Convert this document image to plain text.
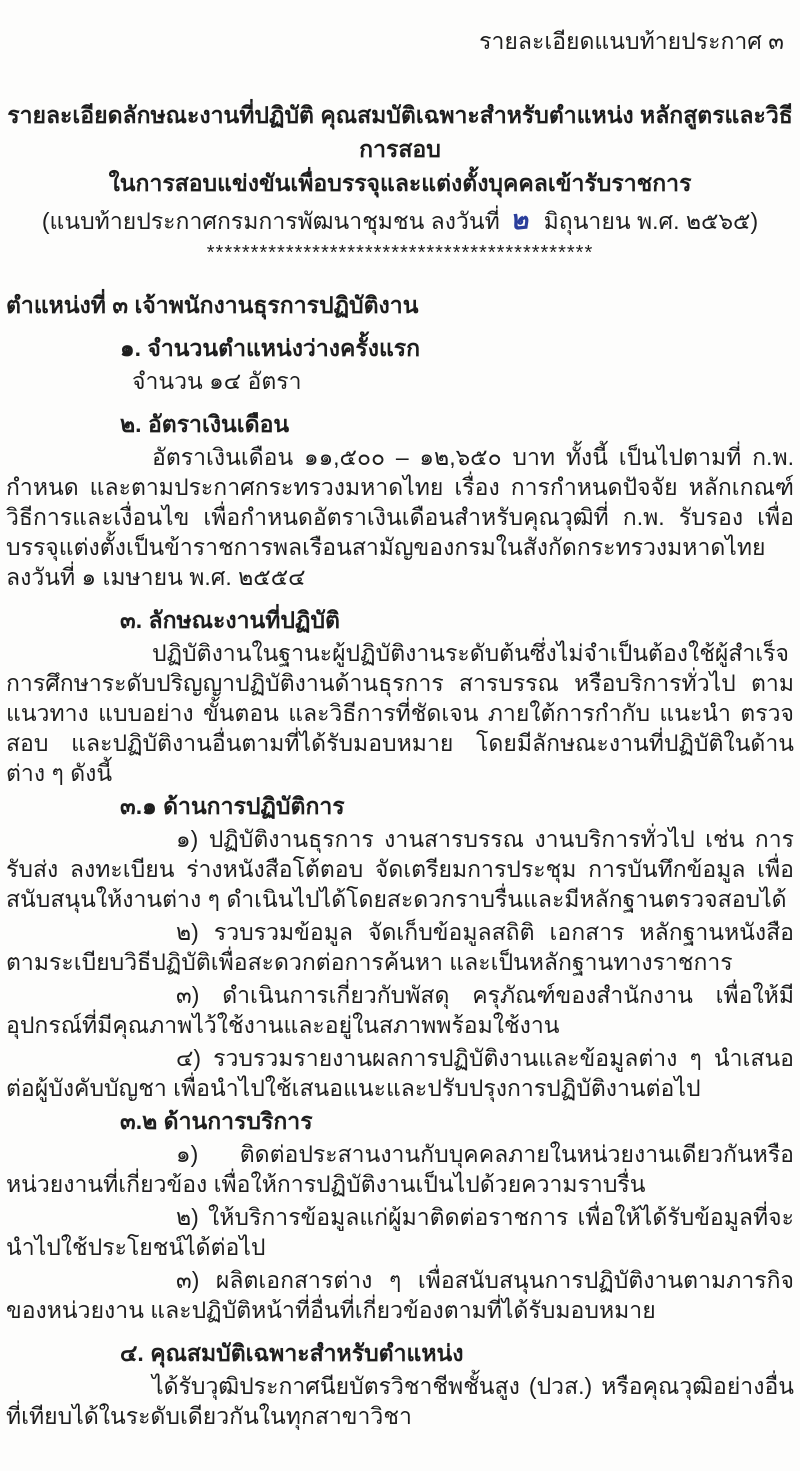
รายละเอียดแนบท้ายประกาศ ๓
รายละเอียดลักษณะงานที่ปฏิบัติ คุณสมบัติเฉพาะสำหรับตำแหน่ง หลักสูตรและวิธีการสอบ
ในการสอบแข่งขันเพื่อบรรจุและแต่งตั้งบุคคลเข้ารับราชการ
(แนบท้ายประกาศกรมการพัฒนาชุมชน ลงวันที่ ๒ มิถุนายน พ.ศ. ๒๕๖๕)
********************************************
ตำแหน่งที่ ๓ เจ้าพนักงานธุรการปฏิบัติงาน
๑. จำนวนตำแหน่งว่างครั้งแรก
จำนวน ๑๔ อัตรา
๒. อัตราเงินเดือน
อัตราเงินเดือน ๑๑,๕๐๐ – ๑๒,๖๕๐ บาท ทั้งนี้ เป็นไปตามที่ ก.พ. กำหนด และตามประกาศกระทรวงมหาดไทย เรื่อง การกำหนดปัจจัย หลักเกณฑ์ วิธีการและเงื่อนไข เพื่อกำหนดอัตราเงินเดือนสำหรับคุณวุฒิที่ ก.พ. รับรอง เพื่อบรรจุแต่งตั้งเป็นข้าราชการพลเรือนสามัญของกรมในสังกัดกระทรวงมหาดไทย ลงวันที่ ๑ เมษายน พ.ศ. ๒๕๕๔
๓. ลักษณะงานที่ปฏิบัติ
ปฏิบัติงานในฐานะผู้ปฏิบัติงานระดับต้นซึ่งไม่จำเป็นต้องใช้ผู้สำเร็จการศึกษาระดับปริญญาปฏิบัติงานด้านธุรการ สารบรรณ หรือบริการทั่วไป ตามแนวทาง แบบอย่าง ขั้นตอน และวิธีการที่ชัดเจน ภายใต้การกำกับ แนะนำ ตรวจสอบ และปฏิบัติงานอื่นตามที่ได้รับมอบหมาย โดยมีลักษณะงานที่ปฏิบัติในด้านต่าง ๆ ดังนี้
๓.๑ ด้านการปฏิบัติการ
๑) ปฏิบัติงานธุรการ งานสารบรรณ งานบริการทั่วไป เช่น การรับส่ง ลงทะเบียน ร่างหนังสือโต้ตอบ จัดเตรียมการประชุม การบันทึกข้อมูล เพื่อสนับสนุนให้งานต่าง ๆ ดำเนินไปได้โดยสะดวกราบรื่นและมีหลักฐานตรวจสอบได้
๒) รวบรวมข้อมูล จัดเก็บข้อมูลสถิติ เอกสาร หลักฐานหนังสือ ตามระเบียบวิธีปฏิบัติเพื่อสะดวกต่อการค้นหา และเป็นหลักฐานทางราชการ
๓) ดำเนินการเกี่ยวกับพัสดุ ครุภัณฑ์ของสำนักงาน เพื่อให้มีอุปกรณ์ที่มีคุณภาพไว้ใช้งานและอยู่ในสภาพพร้อมใช้งาน
๔) รวบรวมรายงานผลการปฏิบัติงานและข้อมูลต่าง ๆ นำเสนอต่อผู้บังคับบัญชา เพื่อนำไปใช้เสนอแนะและปรับปรุงการปฏิบัติงานต่อไป
๓.๒ ด้านการบริการ
๑) ติดต่อประสานงานกับบุคคลภายในหน่วยงานเดียวกันหรือหน่วยงานที่เกี่ยวข้อง เพื่อให้การปฏิบัติงานเป็นไปด้วยความราบรื่น
๒) ให้บริการข้อมูลแก่ผู้มาติดต่อราชการ เพื่อให้ได้รับข้อมูลที่จะนำไปใช้ประโยชน์ได้ต่อไป
๓) ผลิตเอกสารต่าง ๆ เพื่อสนับสนุนการปฏิบัติงานตามภารกิจของหน่วยงาน และปฏิบัติหน้าที่อื่นที่เกี่ยวข้องตามที่ได้รับมอบหมาย
๔. คุณสมบัติเฉพาะสำหรับตำแหน่ง
ได้รับวุฒิประกาศนียบัตรวิชาชีพชั้นสูง (ปวส.) หรือคุณวุฒิอย่างอื่นที่เทียบได้ในระดับเดียวกันในทุกสาขาวิชา
